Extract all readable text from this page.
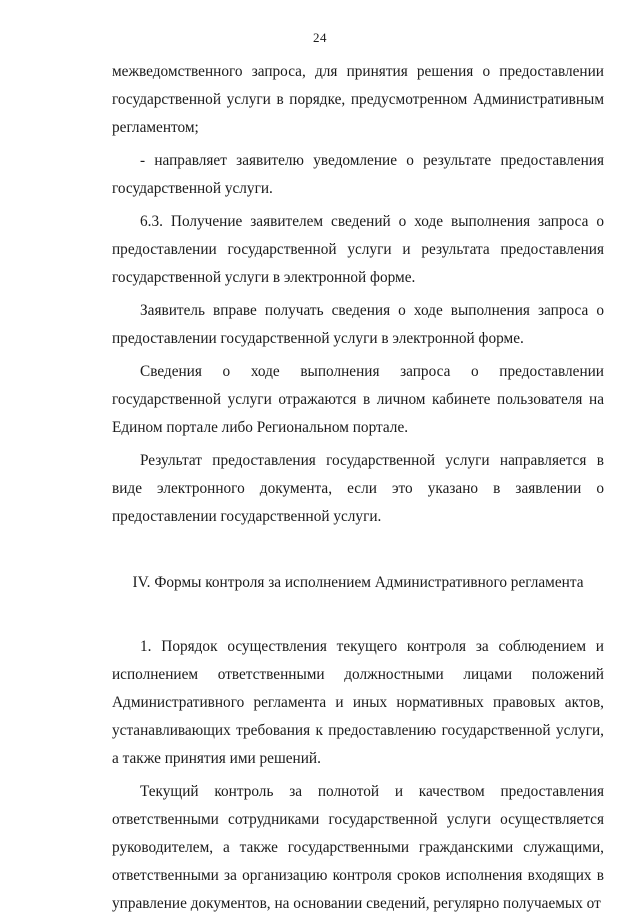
24

межведомственного запроса, для принятия решения о предоставлении государственной услуги в порядке, предусмотренном Административным регламентом;

- направляет заявителю уведомление о результате предоставления государственной услуги.

6.3. Получение заявителем сведений о ходе выполнения запроса о предоставлении государственной услуги и результата предоставления государственной услуги в электронной форме.

Заявитель вправе получать сведения о ходе выполнения запроса о предоставлении государственной услуги в электронной форме.

Сведения о ходе выполнения запроса о предоставлении государственной услуги отражаются в личном кабинете пользователя на Едином портале либо Региональном портале.

Результат предоставления государственной услуги направляется в виде электронного документа, если это указано в заявлении о предоставлении государственной услуги.

IV. Формы контроля за исполнением Административного регламента

1. Порядок осуществления текущего контроля за соблюдением и исполнением ответственными должностными лицами положений Административного регламента и иных нормативных правовых актов, устанавливающих требования к предоставлению государственной услуги, а также принятия ими решений.

Текущий контроль за полнотой и качеством предоставления ответственными сотрудниками государственной услуги осуществляется руководителем, а также государственными гражданскими служащими, ответственными за организацию контроля сроков исполнения входящих в управление документов, на основании сведений, регулярно получаемых от
